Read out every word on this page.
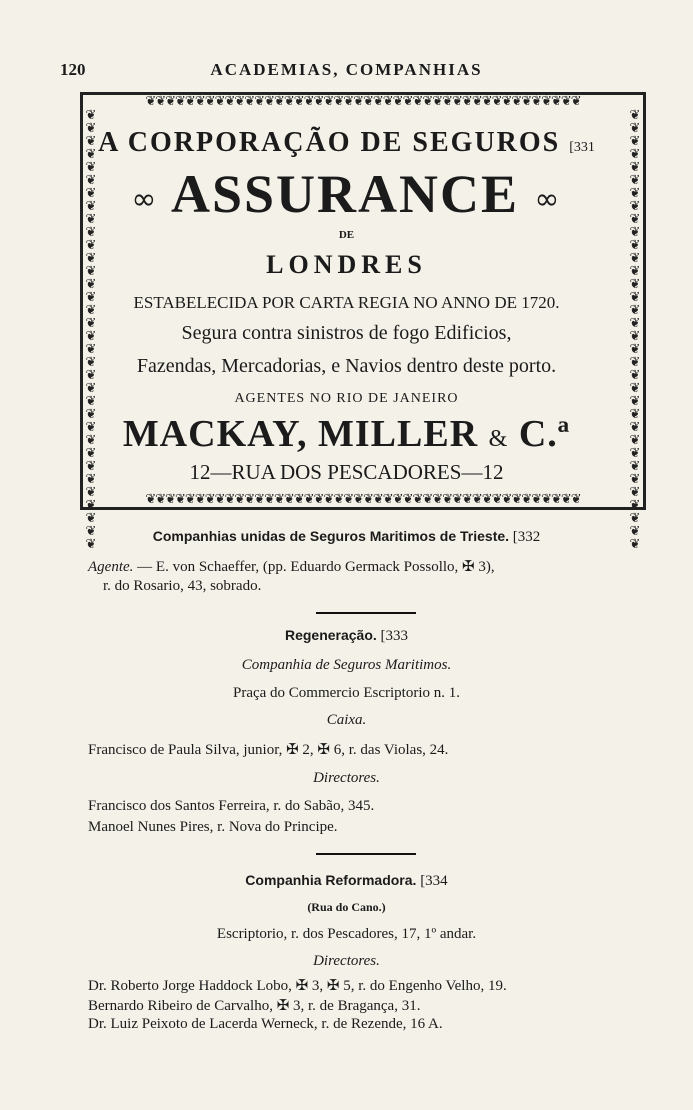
120	ACADEMIAS, COMPANHIAS
❦❦❦❦❦❦❦❦❦❦❦❦❦❦❦❦❦❦❦❦❦❦❦❦❦❦❦❦❦❦❦❦❦❦❦❦❦❦❦❦❦❦❦❦
❦❦❦❦❦❦❦❦❦❦❦❦❦❦❦❦❦❦❦❦❦❦❦❦❦❦❦❦❦❦❦❦❦❦❦❦❦❦❦❦❦❦❦❦
❦❦❦❦❦❦❦❦❦❦❦❦❦❦❦❦❦❦❦❦❦❦❦❦❦❦❦❦❦❦❦❦❦❦
❦❦❦❦❦❦❦❦❦❦❦❦❦❦❦❦❦❦❦❦❦❦❦❦❦❦❦❦❦❦❦❦❦❦
A CORPORAÇÃO DE SEGUROS [331
∞ ASSURANCE ∞
DE
LONDRES
ESTABELECIDA POR CARTA REGIA NO ANNO DE 1720.
Segura contra sinistros de fogo Edificios,
Fazendas, Mercadorias, e Navios dentro deste porto.
AGENTES NO RIO DE JANEIRO
MACKAY, MILLER & C.ª
12—RUA DOS PESCADORES—12
Companhias unidas de Seguros Maritimos de Trieste. [332
Agente. — E. von Schaeffer, (pp. Eduardo Germack Possollo, ✠ 3),
r. do Rosario, 43, sobrado.
Regeneração. [333
Companhia de Seguros Maritimos.
Praça do Commercio Escriptorio n. 1.
Caixa.
Francisco de Paula Silva, junior, ✠ 2, ✠ 6, r. das Violas, 24.
Directores.
Francisco dos Santos Ferreira, r. do Sabão, 345.
Manoel Nunes Pires, r. Nova do Principe.
Companhia Reformadora. [334
(Rua do Cano.)
Escriptorio, r. dos Pescadores, 17, 1º andar.
Directores.
Dr. Roberto Jorge Haddock Lobo, ✠ 3, ✠ 5, r. do Engenho Velho, 19.
Bernardo Ribeiro de Carvalho, ✠ 3, r. de Bragança, 31.
Dr. Luiz Peixoto de Lacerda Werneck, r. de Rezende, 16 A.
